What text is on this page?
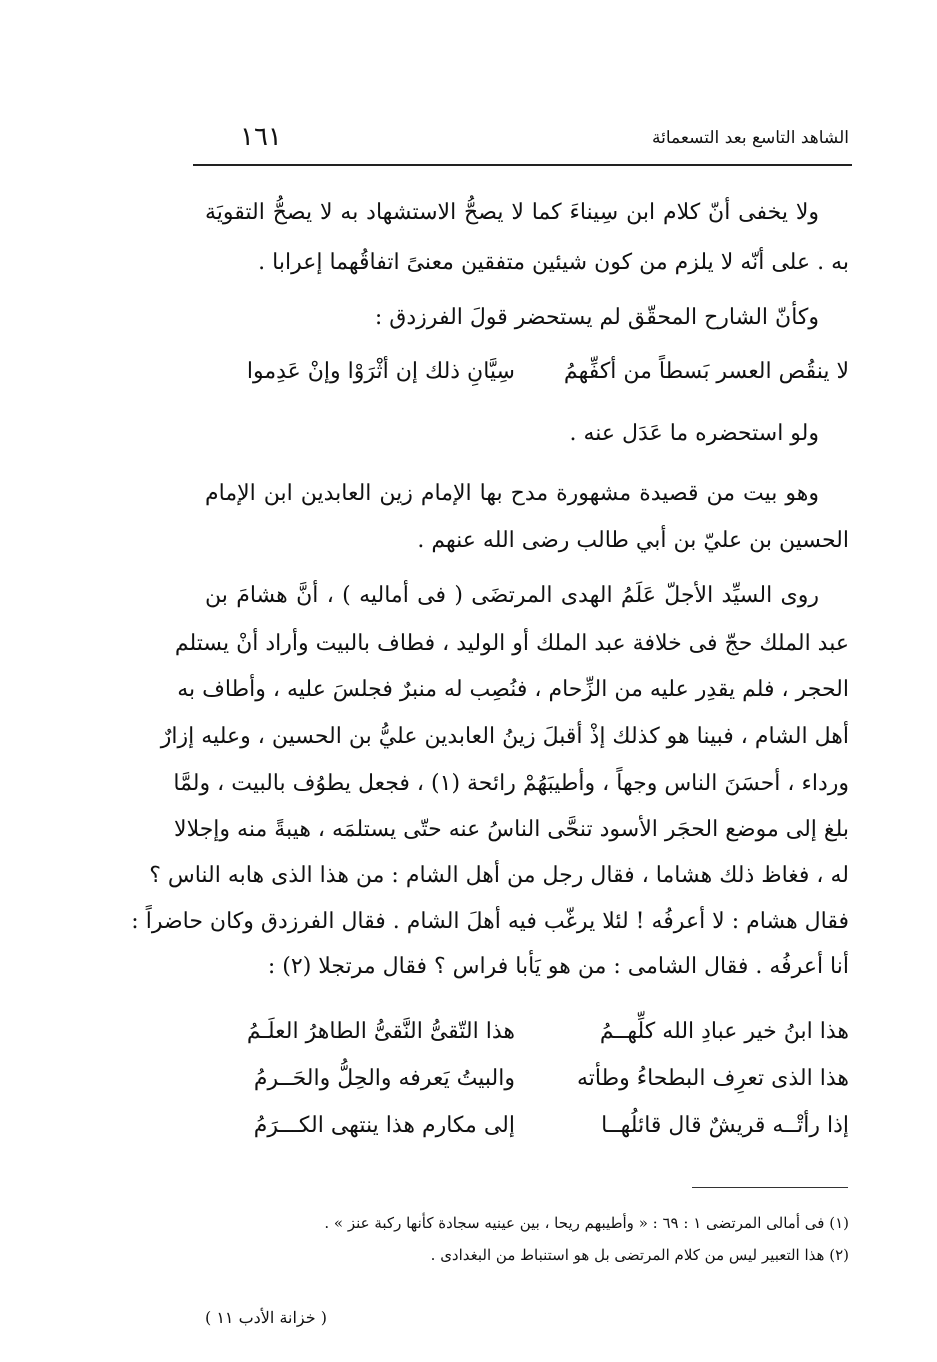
الشاهد التاسع بعد التسعمائة
١٦١
ولا يخفى أنّ كلام ابن سِيناءَ كما لا يصحُّ الاستشهاد به لا يصحُّ التقويَة
به . على أنّه لا يلزم من كون شيئين متفقين معنىً اتفاقُهما إعرابا .
وكأنّ الشارح المحقّق لم يستحضر قولَ الفرزدق :
لا ينقُص العسر بَسطاً من أكفِّهمُ
سِيَّانِ ذلك إن أثْرَوْا وإنْ عَدِموا
ولو استحضره ما عَدَل عنه .
وهو بيت من قصيدة مشهورة مدح بها الإمام زين العابدين ابن الإمام
الحسين بن عليّ بن أبي طالب رضى الله عنهم .
روى السيِّد الأجلّ عَلَمُ الهدى المرتضَى ( فى أماليه ) ، أنَّ هشامَ بن
عبد الملك حجّ فى خلافة عبد الملك أو الوليد ، فطاف بالبيت وأراد أنْ يستلم
الحجر ، فلم يقدِر عليه من الزِّحام ، فنُصِب له منبرٌ فجلسَ عليه ، وأطاف به
أهل الشام ، فبينا هو كذلك إذْ أقبلَ زينُ العابدين عليُّ بن الحسين ، وعليه إزارٌ
ورداء ، أحسَنَ الناس وجهاً ، وأطيبَهُمْ رائحة (١) ، فجعل يطوُف بالبيت ، ولمَّا
بلغ إلى موضع الحجَر الأسود تنحَّى الناسُ عنه حتّى يستلمَه ، هيبةً منه وإجلالا
له ، فغاظ ذلك هشاما ، فقال رجل من أهل الشام : من هذا الذى هابه الناس ؟
فقال هشام : لا أعرفُه ! لئلا يرغّب فيه أهلَ الشام . فقال الفرزدق وكان حاضراً :
أنا أعرفُه . فقال الشامى : من هو يَأبا فراس ؟ فقال مرتجلا (٢) :
هذا ابنُ خير عبادِ الله كلِّهــمُ
هذا التّقىُّ النَّقىُّ الطاهرُ العلَـمُ
هذا الذى تعرِف البطحاءُ وطأته
والبيتُ يَعرفه والحِلُّ والحَــرمُ
إذا رأتْــه قريشٌ قال قائلُهــا
إلى مكارم هذا ينتهى الكـــرَمُ
(١) فى أمالى المرتضى ١ : ٦٩ : « وأطيبهم ريحا ، بين عينيه سجادة كأنها ركبة عنز » .
(٢) هذا التعبير ليس من كلام المرتضى بل هو استنباط من البغدادى .
( خزانة الأدب ١١ )
